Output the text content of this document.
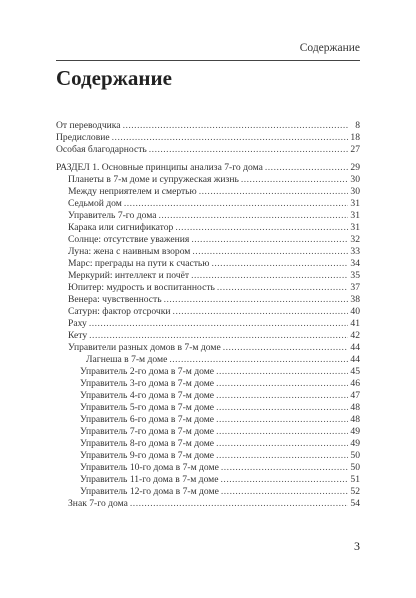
Содержание
Содержание
От переводчика .....	8
Предисловие .....	18
Особая благодарность .....	27
РАЗДЕЛ 1. Основные принципы анализа 7-го дома .....	29
Планеты в 7-м доме и супружеская жизнь .....	30
Между неприятелем и смертью .....	30
Седьмой дом .....	31
Управитель 7-го дома .....	31
Карака или сигнификатор .....	31
Солнце: отсутствие уважения .....	32
Луна: жена с наивным взором .....	33
Марс: преграды на пути к счастью .....	34
Меркурий: интеллект и почёт .....	35
Юпитер: мудрость и воспитанность .....	37
Венера: чувственность .....	38
Сатурн: фактор отсрочки .....	40
Раху .....	41
Кету .....	42
Управители разных домов в 7-м доме .....	44
Лагнеша в 7-м доме .....	44
Управитель 2-го дома в 7-м доме .....	45
Управитель 3-го дома в 7-м доме .....	46
Управитель 4-го дома в 7-м доме .....	47
Управитель 5-го дома в 7-м доме .....	48
Управитель 6-го дома в 7-м доме .....	48
Управитель 7-го дома в 7-м доме .....	49
Управитель 8-го дома в 7-м доме .....	49
Управитель 9-го дома в 7-м доме .....	50
Управитель 10-го дома в 7-м доме .....	50
Управитель 11-го дома в 7-м доме .....	51
Управитель 12-го дома в 7-м доме .....	52
Знак 7-го дома .....	54
3
